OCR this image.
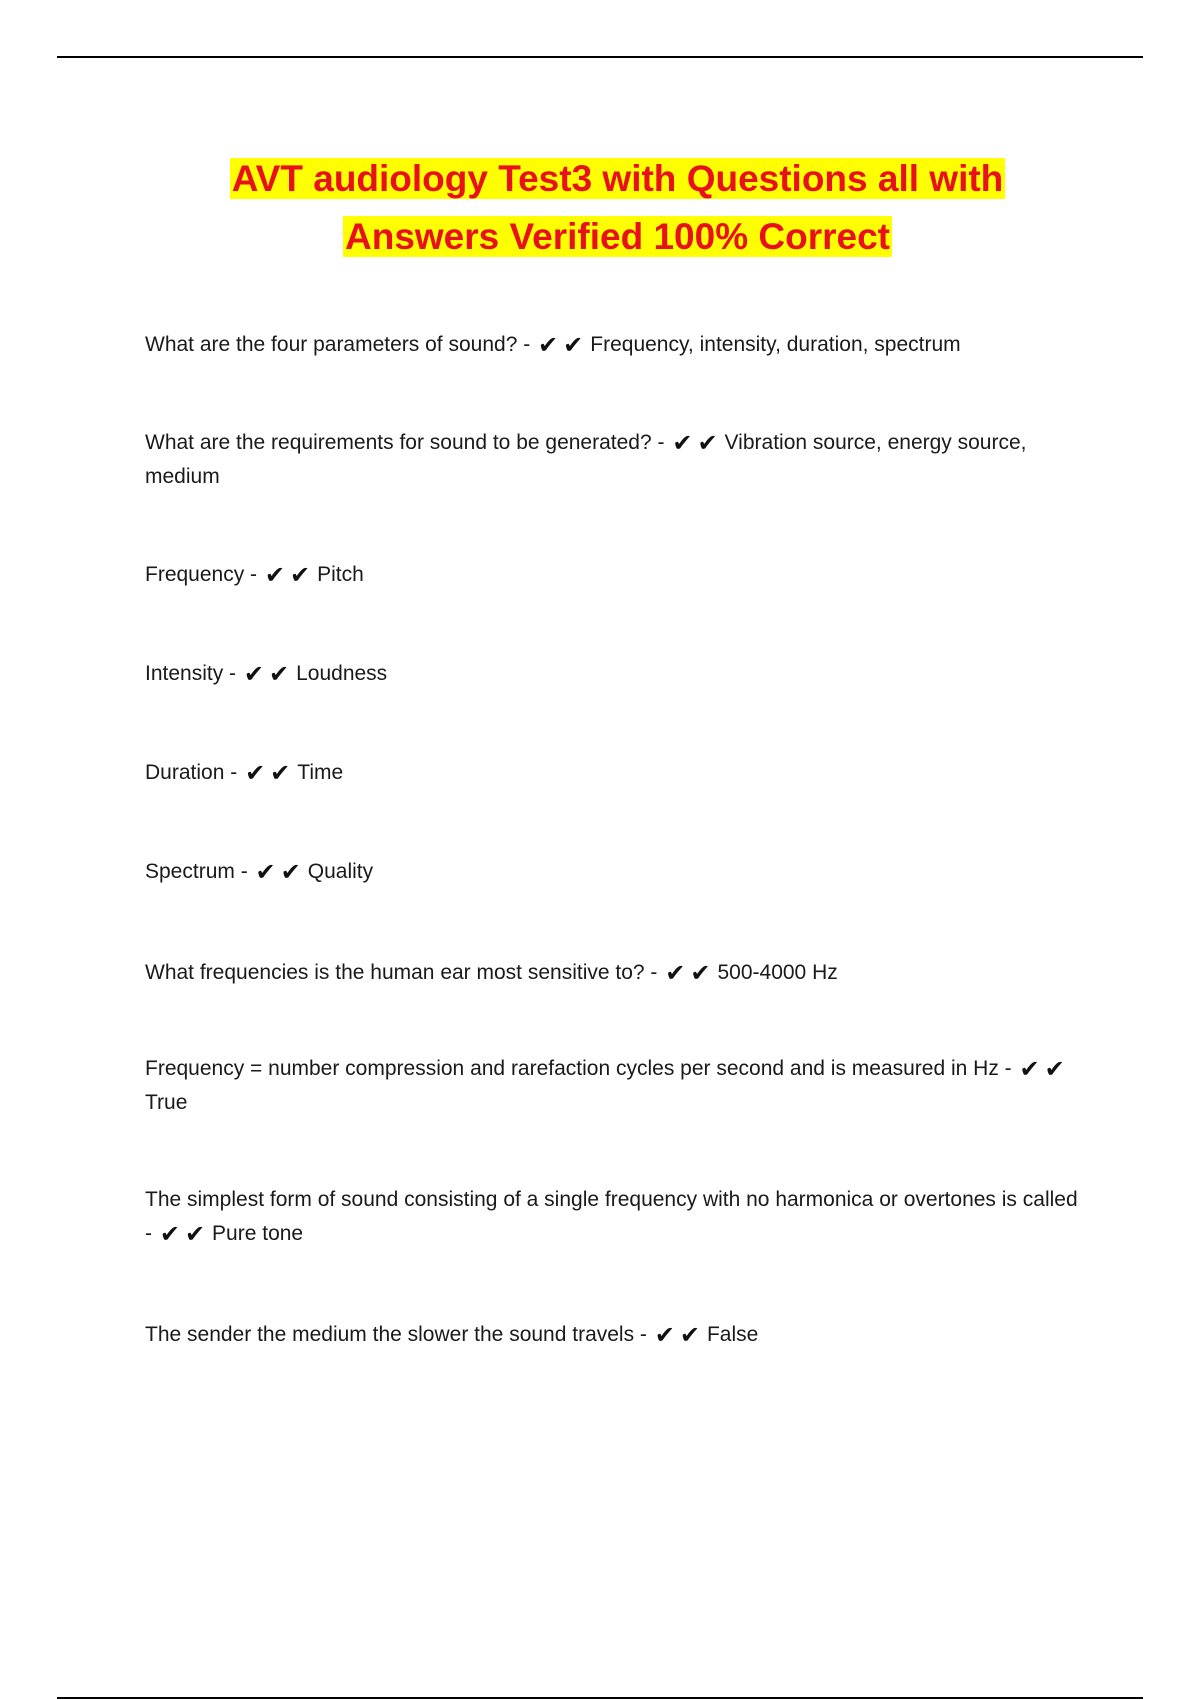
AVT audiology Test3 with Questions all with
Answers Verified 100% Correct
What are the four parameters of sound? - ✔ ✔ Frequency, intensity, duration, spectrum
What are the requirements for sound to be generated? - ✔ ✔ Vibration source, energy source, medium
Frequency - ✔ ✔ Pitch
Intensity - ✔ ✔ Loudness
Duration - ✔ ✔ Time
Spectrum - ✔ ✔ Quality
What frequencies is the human ear most sensitive to? - ✔ ✔ 500-4000 Hz
Frequency = number compression and rarefaction cycles per second and is measured in Hz - ✔ ✔True
The simplest form of sound consisting of a single frequency with no harmonica or overtones is called - ✔ ✔ Pure tone
The sender the medium the slower the sound travels - ✔ ✔ False
